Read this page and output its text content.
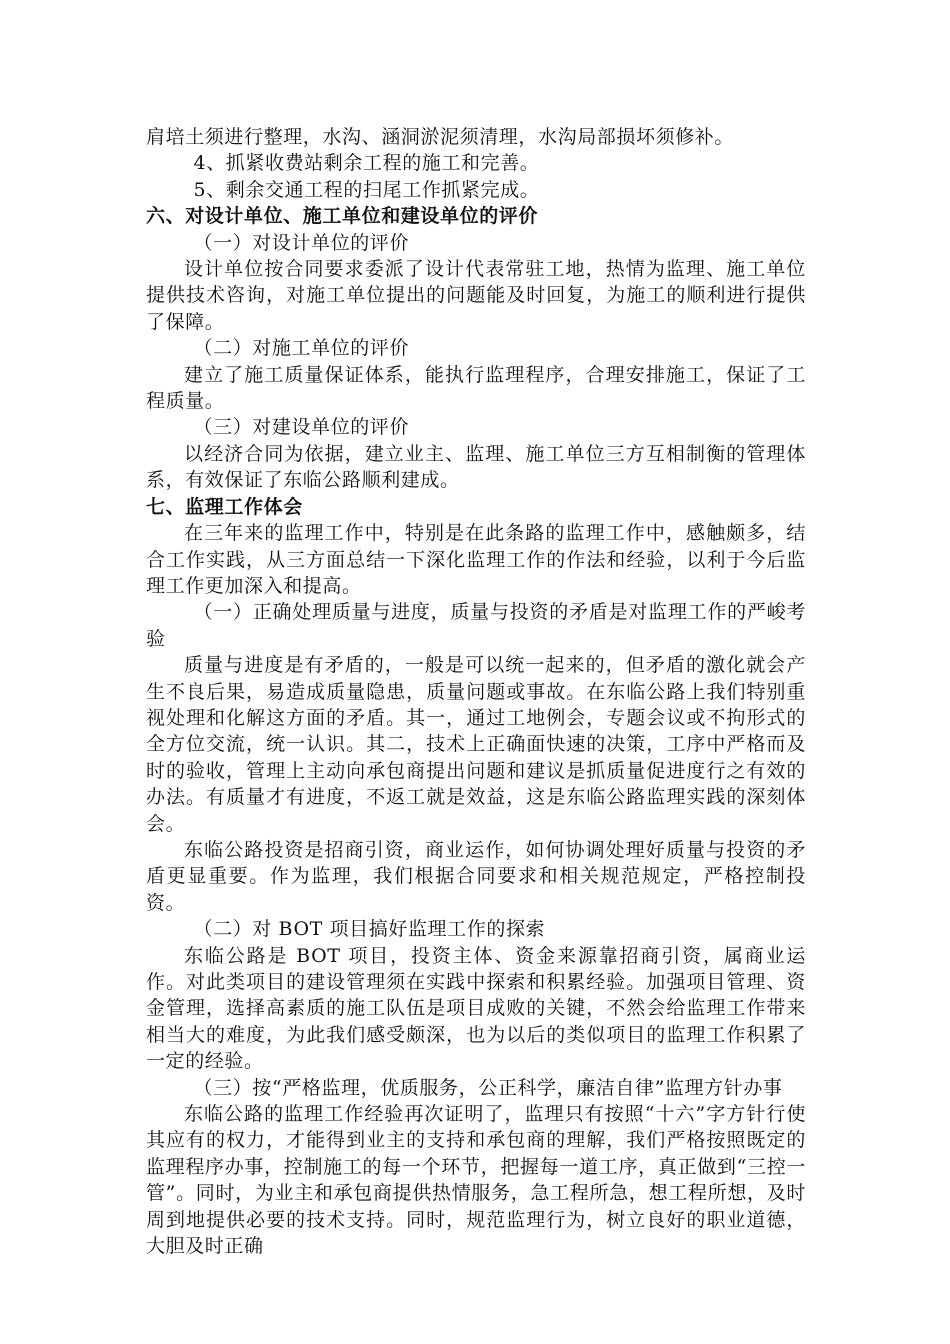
肩培土须进行整理，水沟、涵洞淤泥须清理，水沟局部损坏须修补。

4、抓紧收费站剩余工程的施工和完善。

5、剩余交通工程的扫尾工作抓紧完成。

六、对设计单位、施工单位和建设单位的评价

（一）对设计单位的评价

设计单位按合同要求委派了设计代表常驻工地，热情为监理、施工单位提供技术咨询，对施工单位提出的问题能及时回复，为施工的顺利进行提供了保障。

（二）对施工单位的评价

建立了施工质量保证体系，能执行监理程序，合理安排施工，保证了工程质量。

（三）对建设单位的评价

以经济合同为依据，建立业主、监理、施工单位三方互相制衡的管理体系，有效保证了东临公路顺利建成。

七、监理工作体会

在三年来的监理工作中，特别是在此条路的监理工作中，感触颇多，结合工作实践，从三方面总结一下深化监理工作的作法和经验，以利于今后监理工作更加深入和提高。

（一）正确处理质量与进度，质量与投资的矛盾是对监理工作的严峻考验

质量与进度是有矛盾的，一般是可以统一起来的，但矛盾的激化就会产生不良后果，易造成质量隐患，质量问题或事故。在东临公路上我们特别重视处理和化解这方面的矛盾。其一，通过工地例会，专题会议或不拘形式的全方位交流，统一认识。其二，技术上正确面快速的决策，工序中严格而及时的验收，管理上主动向承包商提出问题和建议是抓质量促进度行之有效的办法。有质量才有进度，不返工就是效益，这是东临公路监理实践的深刻体会。

东临公路投资是招商引资，商业运作，如何协调处理好质量与投资的矛盾更显重要。作为监理，我们根据合同要求和相关规范规定，严格控制投资。

（二）对 BOT 项目搞好监理工作的探索

东临公路是 BOT 项目，投资主体、资金来源靠招商引资，属商业运作。对此类项目的建设管理须在实践中探索和积累经验。加强项目管理、资金管理，选择高素质的施工队伍是项目成败的关键，不然会给监理工作带来相当大的难度，为此我们感受颇深，也为以后的类似项目的监理工作积累了一定的经验。

（三）按“严格监理，优质服务，公正科学，廉洁自律”监理方针办事

东临公路的监理工作经验再次证明了，监理只有按照“十六”字方针行使其应有的权力，才能得到业主的支持和承包商的理解，我们严格按照既定的监理程序办事，控制施工的每一个环节，把握每一道工序，真正做到“三控一管”。同时，为业主和承包商提供热情服务，急工程所急，想工程所想，及时周到地提供必要的技术支持。同时，规范监理行为，树立良好的职业道德，大胆及时正确
